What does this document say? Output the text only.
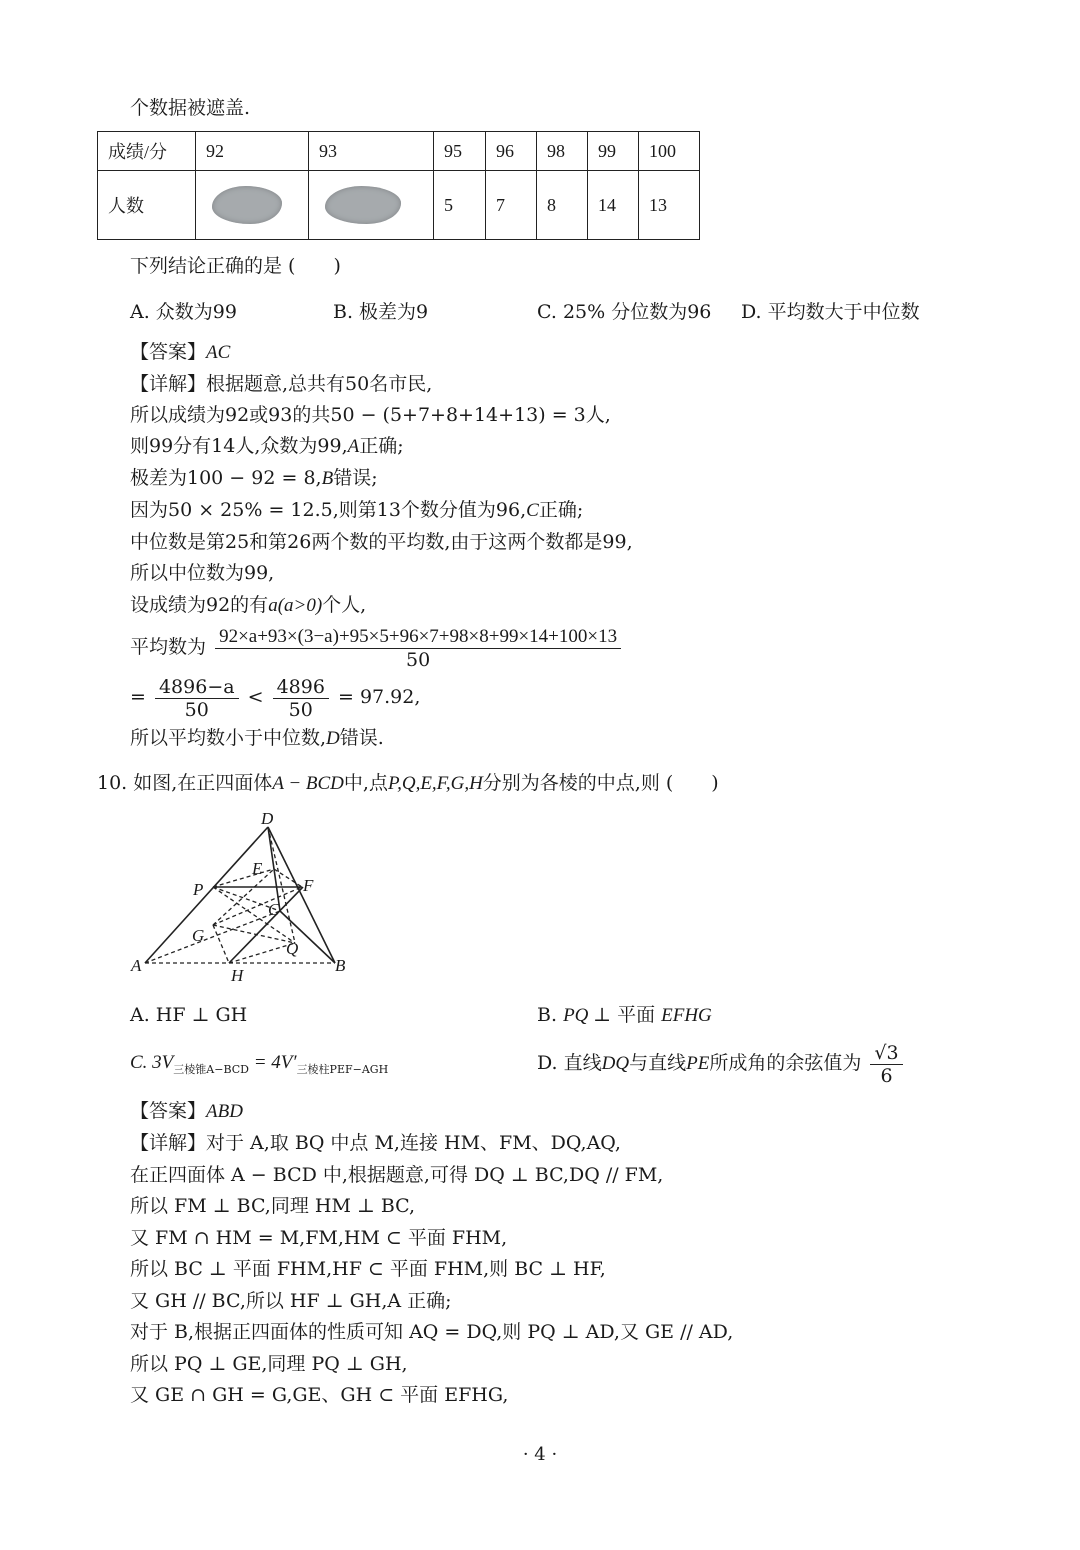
个数据被遮盖.
成绩/分	92	93	95	96	98	99	100
人数			5	7	8	14	13
下列结论正确的是 (　　)
A. 众数为99	B. 极差为9	C. 25% 分位数为96 D. 平均数大于中位数
【答案】AC
【详解】根据题意,总共有50名市民,
所以成绩为92或93的共50 − (5+7+8+14+13) = 3人,
则99分有14人,众数为99,A正确;
极差为100 − 92 = 8,B错误;
因为50 × 25% = 12.5,则第13个数分值为96,C正确;
中位数是第25和第26两个数的平均数,由于这两个数都是99,
所以中位数为99,
设成绩为92的有a(a>0)个人,
平均数为 $\frac{92\times a+93\times(3-a)+95\times 5+96\times 7+98\times 8+99\times 14+100\times 13}{50}$
= $\frac{4896-a}{50} < \frac{4896}{50} = 97.92$,
所以平均数小于中位数,D错误.
10. 如图,在正四面体A − BCD中,点P,Q,E,F,G,H分别为各棱的中点,则 (　　)
D
E
P	F
C
G
Q
A
H
B
A. HF ⊥ GH	B. PQ ⊥ 平面 EFHG
C. $3V_{三棱锥A-BCD} = 4V'_{三棱柱PEF-AGH}$	D. 直线DQ与直线PE所成角的余弦值为 $\frac{√3}{6}$
【答案】ABD
【详解】对于 A,取 BQ 中点 M,连接 HM、FM、DQ,AQ,
在正四面体 A − BCD 中,根据题意,可得 DQ ⊥ BC,DQ // FM,
所以 FM ⊥ BC,同理 HM ⊥ BC,
又 FM ∩ HM = M,FM,HM ⊂ 平面 FHM,
所以 BC ⊥ 平面 FHM,HF ⊂ 平面 FHM,则 BC ⊥ HF,
又 GH // BC,所以 HF ⊥ GH,A 正确;
对于 B,根据正四面体的性质可知 AQ = DQ,则 PQ ⊥ AD,又 GE // AD,
所以 PQ ⊥ GE,同理 PQ ⊥ GH,
又 GE ∩ GH = G,GE、GH ⊂ 平面 EFHG,
· 4 ·
